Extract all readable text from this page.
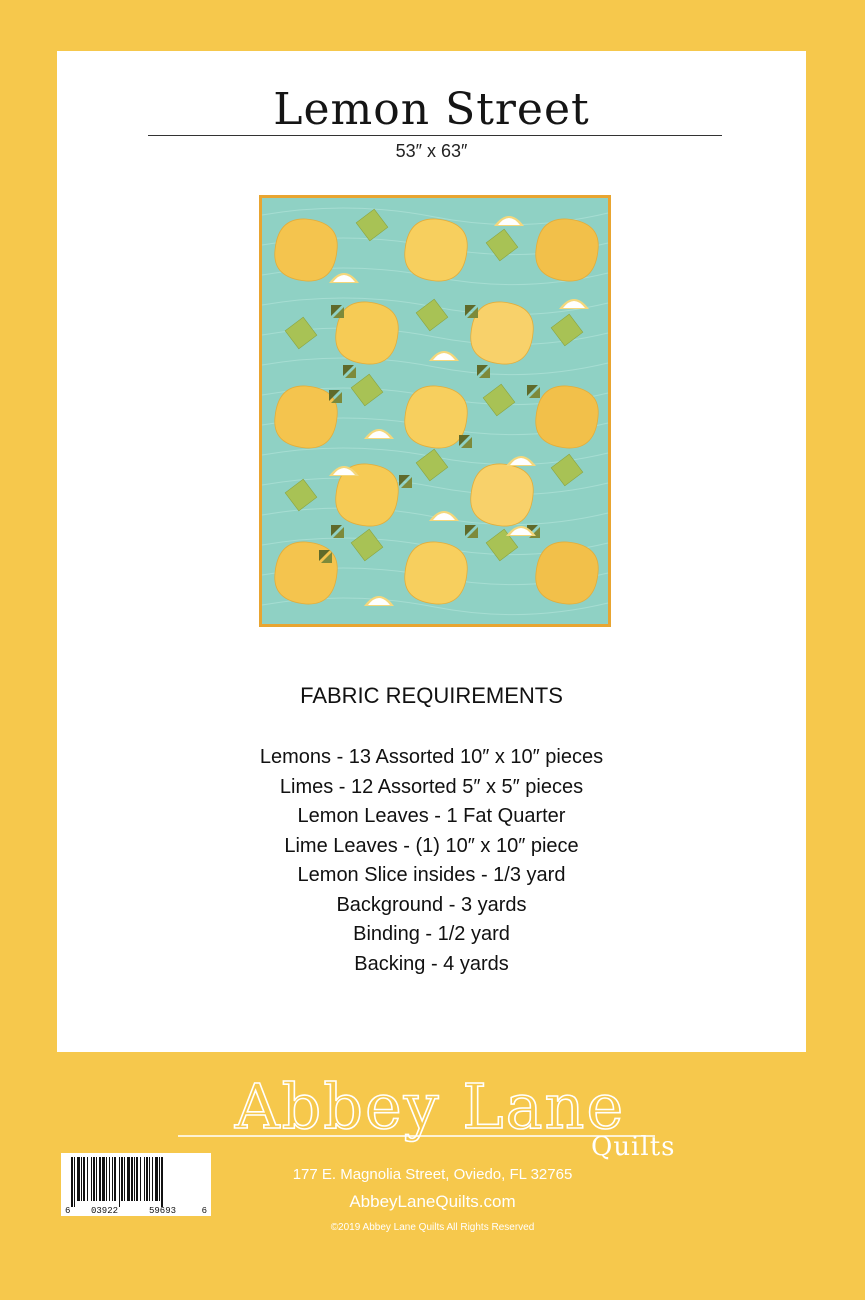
Lemon Street
53″ x 63″
FABRIC REQUIREMENTS
Lemons - 13 Assorted 10″ x 10″ pieces
Limes - 12 Assorted 5″ x 5″ pieces
Lemon Leaves - 1 Fat Quarter
Lime Leaves - (1) 10″ x 10″ piece
Lemon Slice insides - 1/3 yard
Background - 3 yards
Binding - 1/2 yard
Backing - 4 yards
Abbey Lane
Quilts
6 03922	59693	6
177 E. Magnolia Street, Oviedo, FL 32765
AbbeyLaneQuilts.com
©2019 Abbey Lane Quilts All Rights Reserved
